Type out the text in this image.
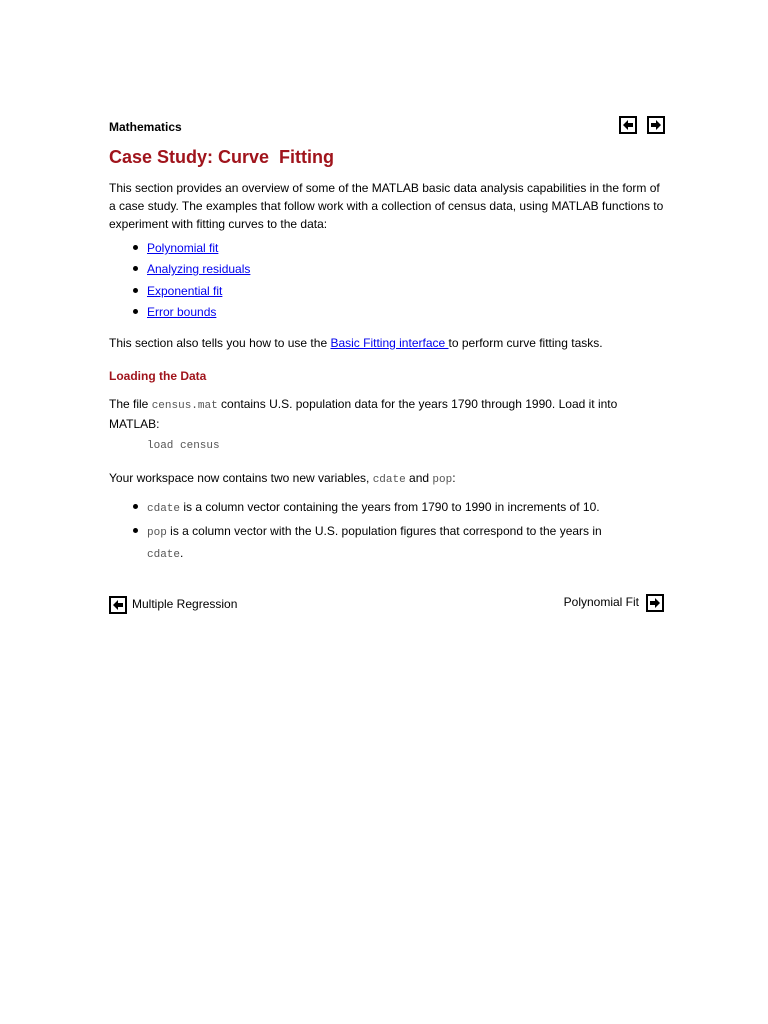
Mathematics
Case Study: Curve  Fitting

This section provides an overview of some of the MATLAB basic data analysis capabilities in the form of a case study. The examples that follow work with a collection of census data, using MATLAB functions to experiment with fitting curves to the data:

Polynomial fit
Analyzing residuals
Exponential fit
Error bounds

This section also tells you how to use the Basic Fitting interface to perform curve fitting tasks.

Loading the Data

The file census.mat contains U.S. population data for the years 1790 through 1990. Load it into MATLAB:

load census

Your workspace now contains two new variables, cdate and pop:

cdate is a column vector containing the years from 1790 to 1990 in increments of 10.
pop is a column vector with the U.S. population figures that correspond to the years in cdate.
Multiple Regression	Polynomial Fit
